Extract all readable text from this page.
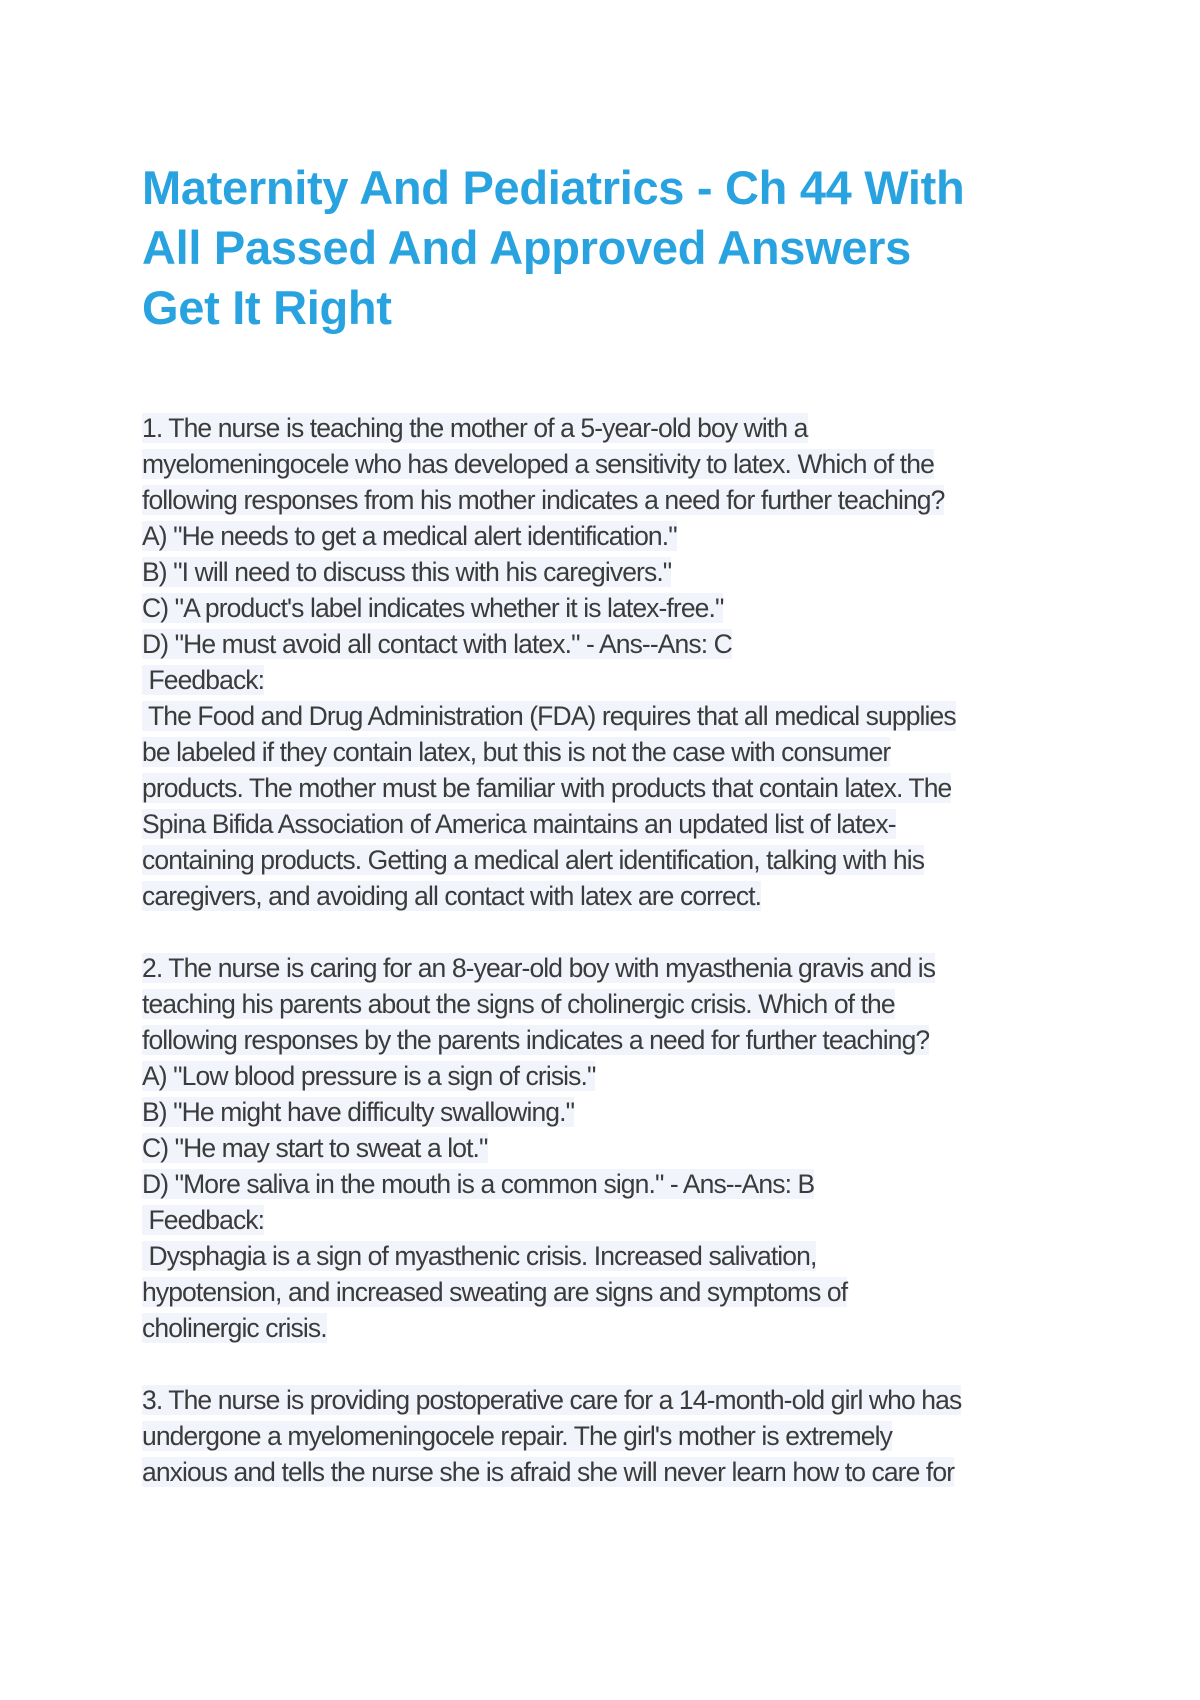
Maternity And Pediatrics - Ch 44 With
All Passed And Approved Answers
Get It Right
1. The nurse is teaching the mother of a 5-year-old boy with a
myelomeningocele who has developed a sensitivity to latex. Which of the
following responses from his mother indicates a need for further teaching?
A) "He needs to get a medical alert identification."
B) "I will need to discuss this with his caregivers."
C) "A product's label indicates whether it is latex-free."
D) "He must avoid all contact with latex." - Ans--Ans: C
Feedback:
The Food and Drug Administration (FDA) requires that all medical supplies
be labeled if they contain latex, but this is not the case with consumer
products. The mother must be familiar with products that contain latex. The
Spina Bifida Association of America maintains an updated list of latex-
containing products. Getting a medical alert identification, talking with his
caregivers, and avoiding all contact with latex are correct.
2. The nurse is caring for an 8-year-old boy with myasthenia gravis and is
teaching his parents about the signs of cholinergic crisis. Which of the
following responses by the parents indicates a need for further teaching?
A) "Low blood pressure is a sign of crisis."
B) "He might have difficulty swallowing."
C) "He may start to sweat a lot."
D) "More saliva in the mouth is a common sign." - Ans--Ans: B
Feedback:
Dysphagia is a sign of myasthenic crisis. Increased salivation,
hypotension, and increased sweating are signs and symptoms of
cholinergic crisis.
3. The nurse is providing postoperative care for a 14-month-old girl who has
undergone a myelomeningocele repair. The girl's mother is extremely
anxious and tells the nurse she is afraid she will never learn how to care for
